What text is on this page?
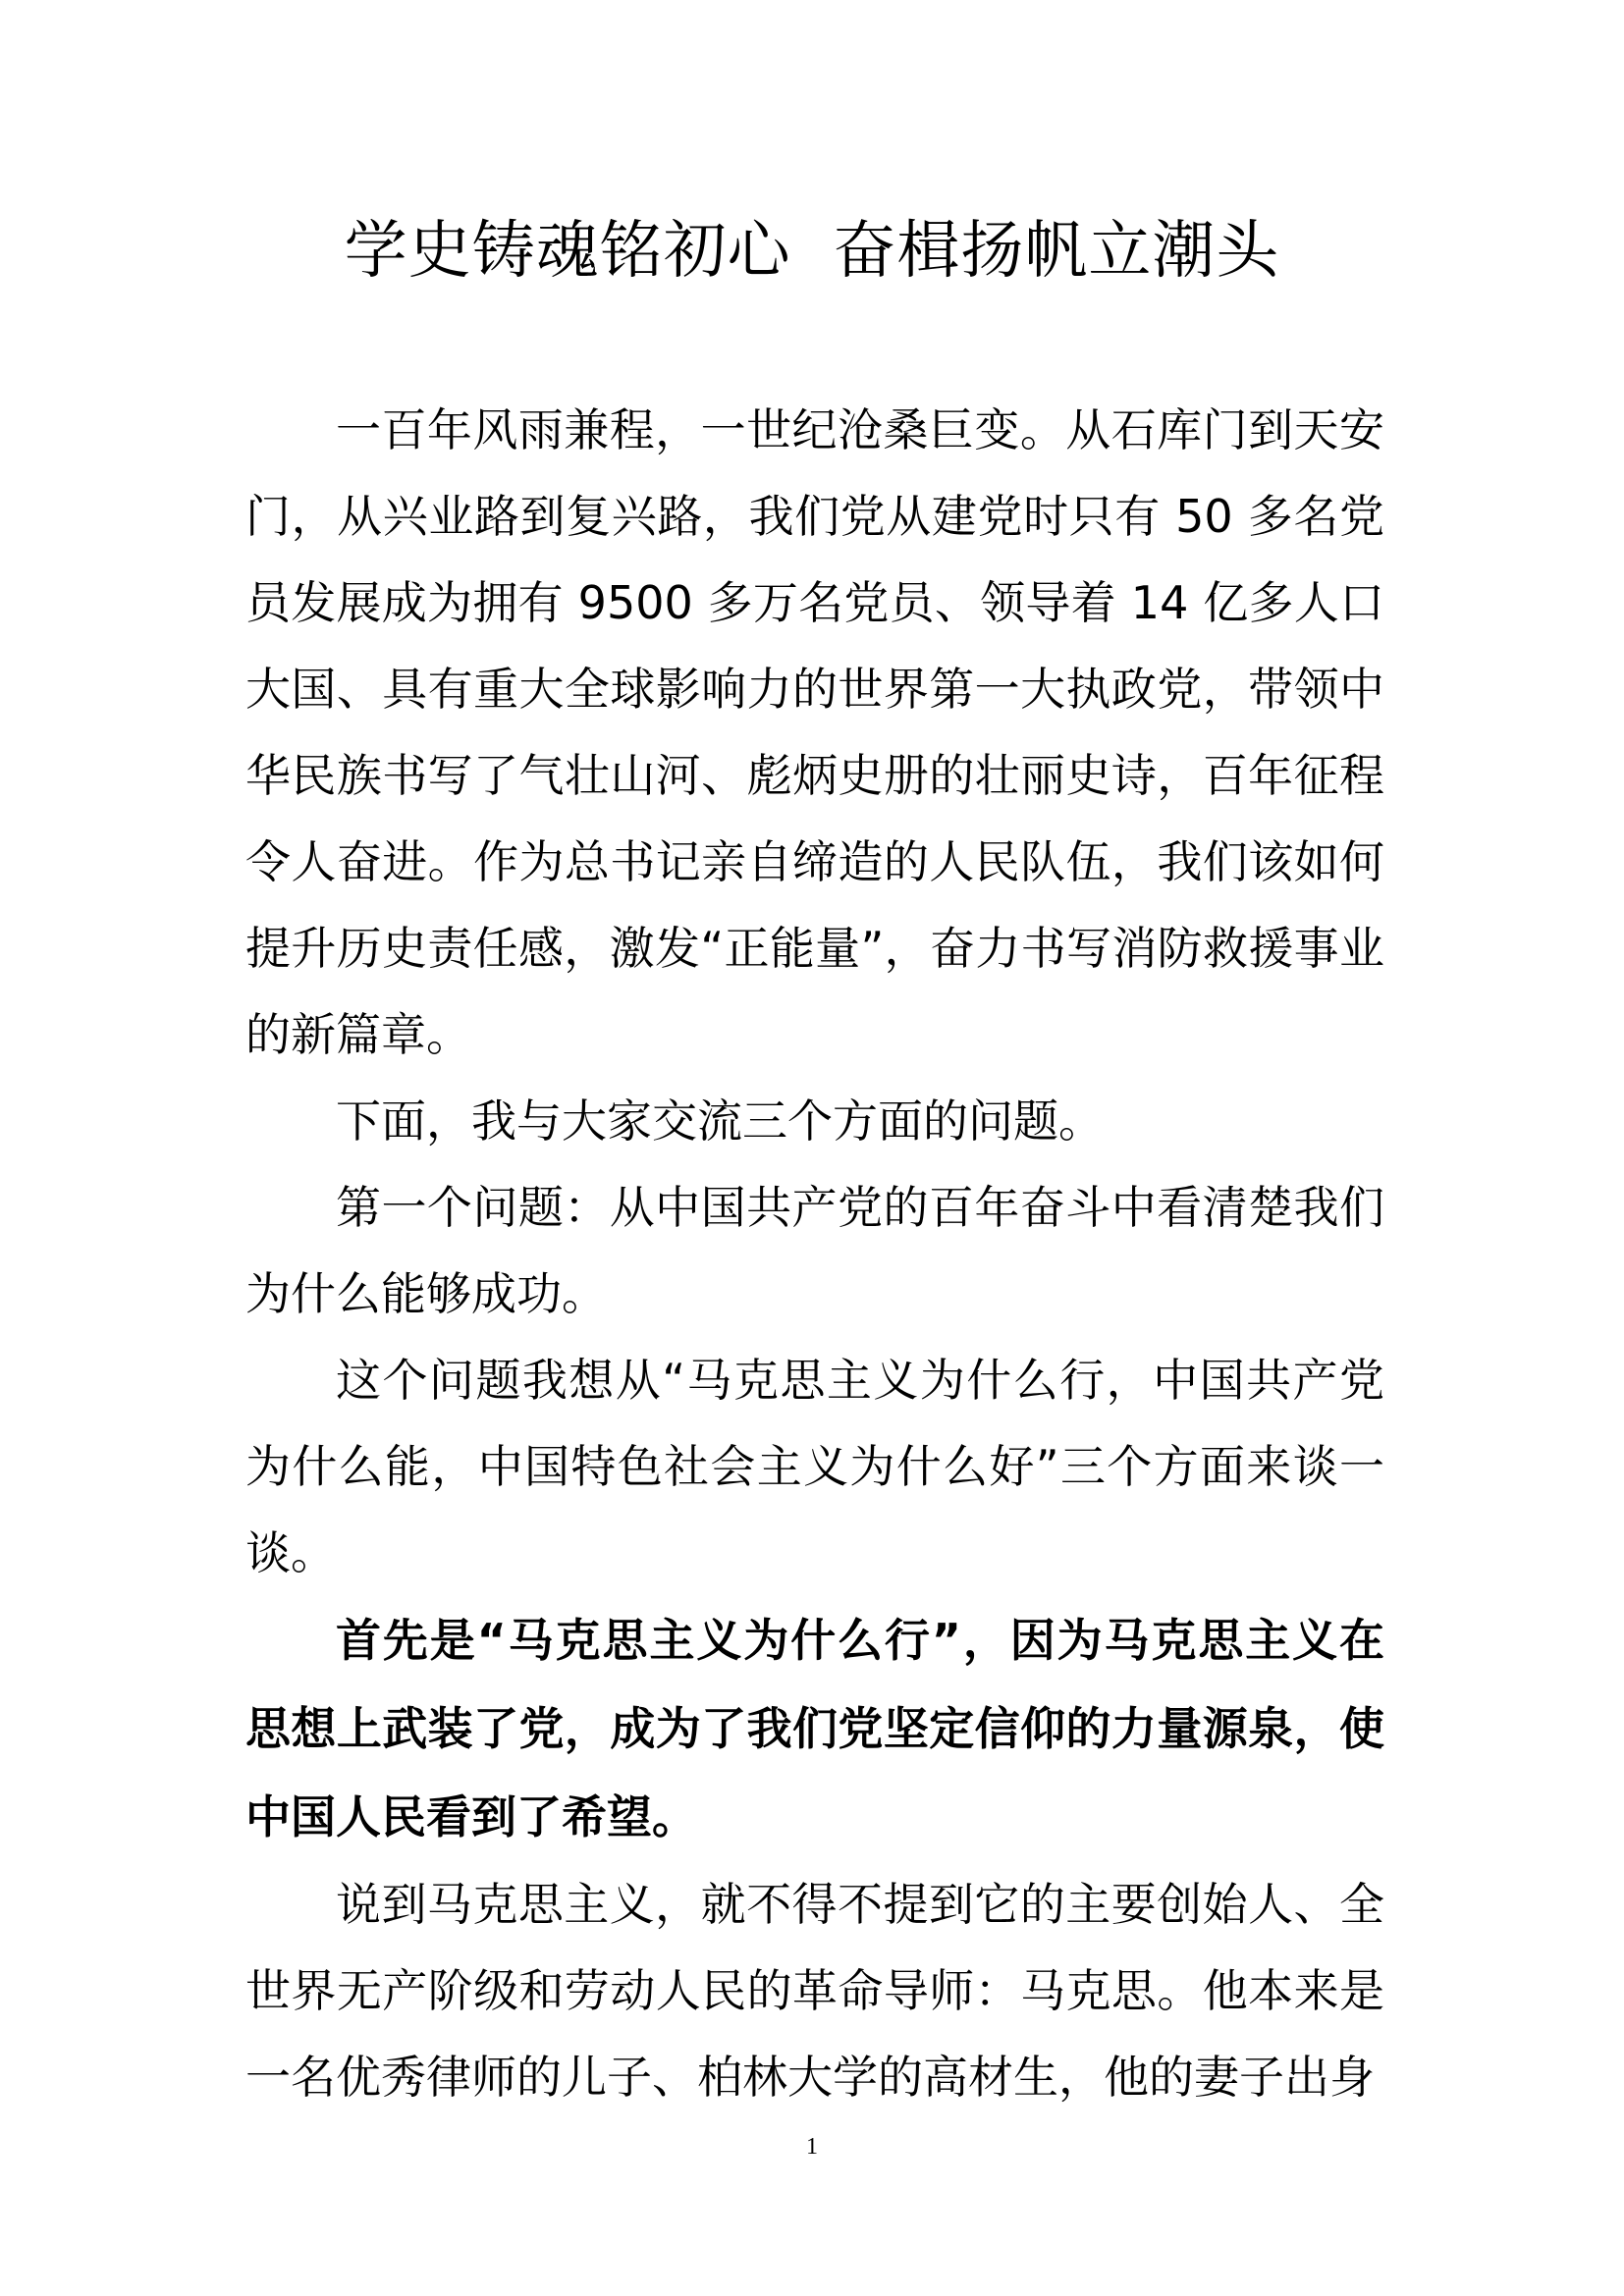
学史铸魂铭初心  奋楫扬帆立潮头

一百年风雨兼程，一世纪沧桑巨变。从石库门到天安门，从兴业路到复兴路，我们党从建党时只有 50 多名党员发展成为拥有 9500 多万名党员、领导着 14 亿多人口大国、具有重大全球影响力的世界第一大执政党，带领中华民族书写了气壮山河、彪炳史册的壮丽史诗，百年征程令人奋进。作为总书记亲自缔造的人民队伍，我们该如何提升历史责任感，激发“正能量”，奋力书写消防救援事业的新篇章。

下面，我与大家交流三个方面的问题。

第一个问题：从中国共产党的百年奋斗中看清楚我们为什么能够成功。

这个问题我想从“马克思主义为什么行，中国共产党为什么能，中国特色社会主义为什么好”三个方面来谈一谈。

首先是“马克思主义为什么行”，因为马克思主义在思想上武装了党，成为了我们党坚定信仰的力量源泉，使中国人民看到了希望。

说到马克思主义，就不得不提到它的主要创始人、全世界无产阶级和劳动人民的革命导师：马克思。他本来是一名优秀律师的儿子、柏林大学的高材生，他的妻子出身

1
